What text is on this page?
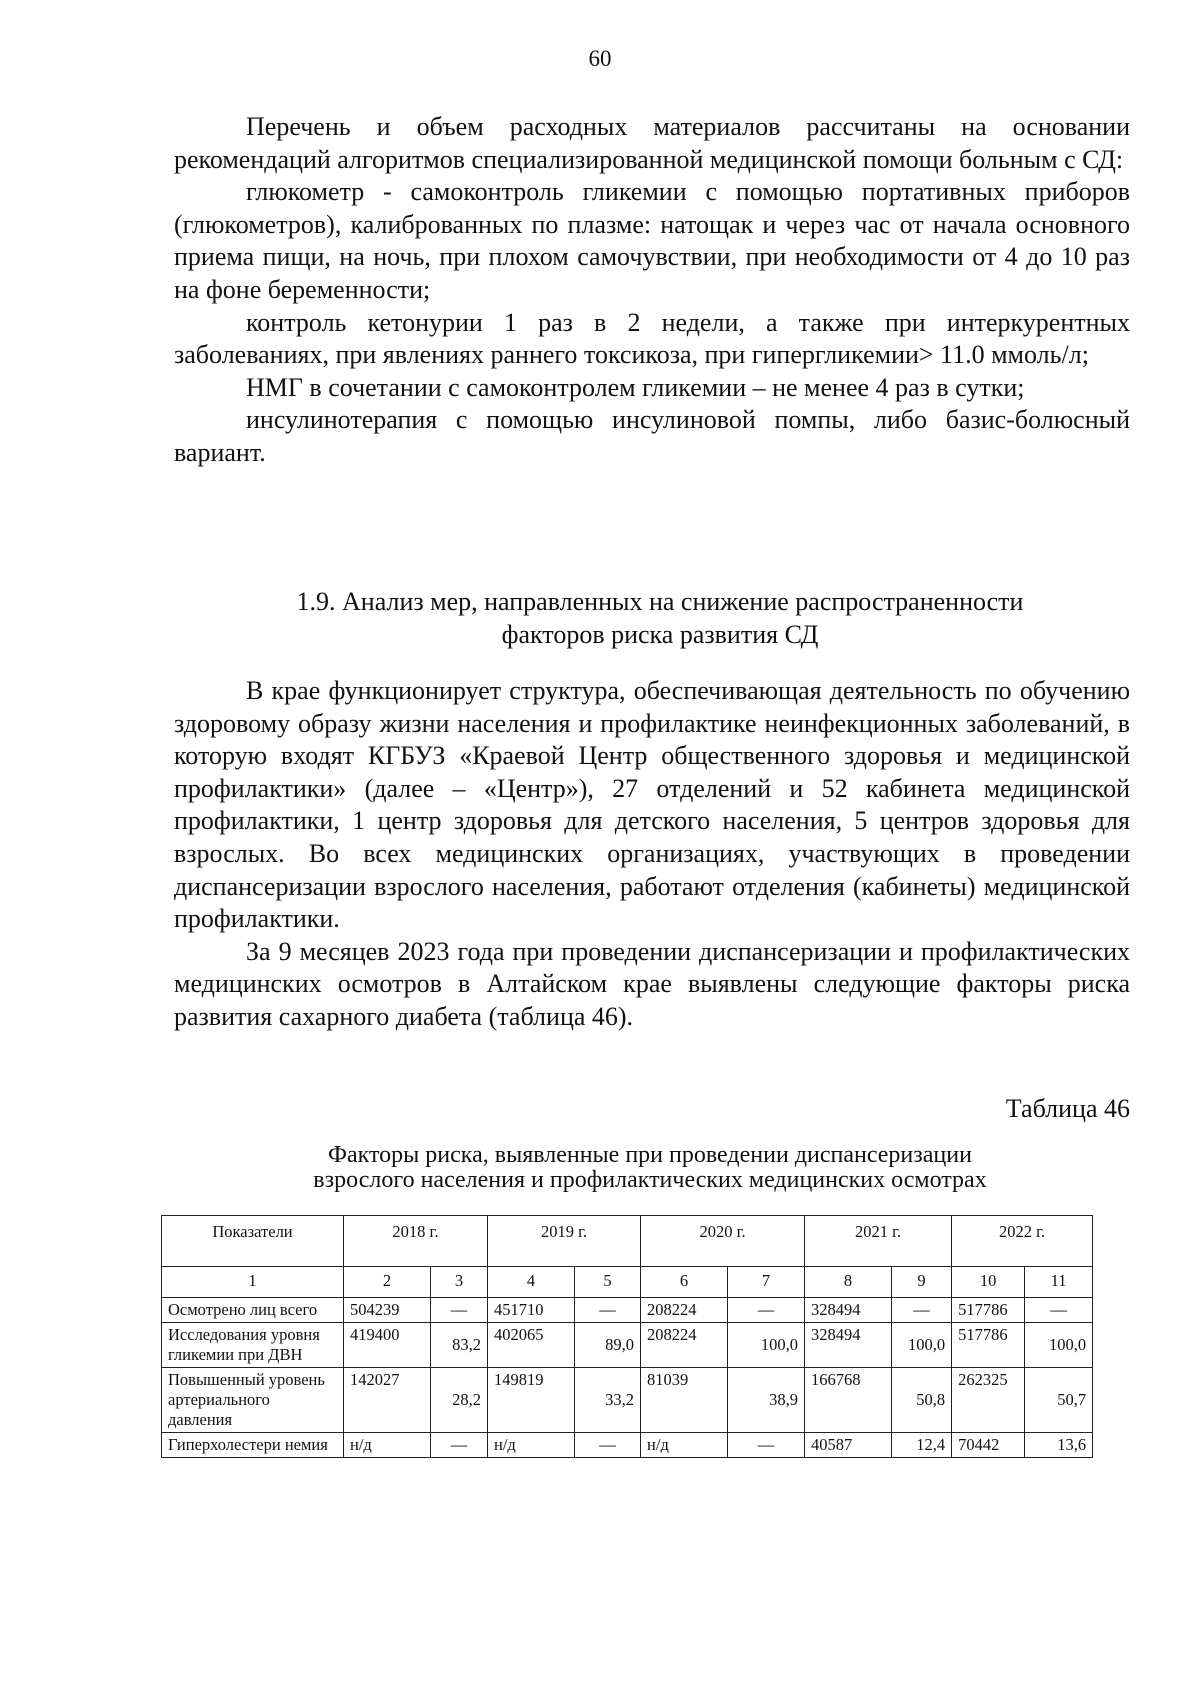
60

Перечень и объем расходных материалов рассчитаны на основании рекомендаций алгоритмов специализированной медицинской помощи больным с СД:

глюкометр - самоконтроль гликемии с помощью портативных приборов (глюкометров), калиброванных по плазме: натощак и через час от начала основного приема пищи, на ночь, при плохом самочувствии, при необходимости от 4 до 10 раз на фоне беременности;

контроль кетонурии 1 раз в 2 недели, а также при интеркурентных заболеваниях, при явлениях раннего токсикоза, при гипергликемии> 11.0 ммоль/л;

НМГ в сочетании с самоконтролем гликемии – не менее 4 раз в сутки;

инсулинотерапия с помощью инсулиновой помпы, либо базис-болюсный вариант.

1.9. Анализ мер, направленных на снижение распространенности
факторов риска развития СД

В крае функционирует структура, обеспечивающая деятельность по обучению здоровому образу жизни населения и профилактике неинфекционных заболеваний, в которую входят КГБУЗ «Краевой Центр общественного здоровья и медицинской профилактики» (далее – «Центр»), 27 отделений и 52 кабинета медицинской профилактики, 1 центр здоровья для детского населения, 5 центров здоровья для взрослых. Во всех медицинских организациях, участвующих в проведении диспансеризации взрослого населения, работают отделения (кабинеты) медицинской профилактики.

За 9 месяцев 2023 года при проведении диспансеризации и профилактических медицинских осмотров в Алтайском крае выявлены следующие факторы риска развития сахарного диабета (таблица 46).

Таблица 46
Факторы риска, выявленные при проведении диспансеризации
взрослого населения и профилактических медицинских осмотрах
Показатели	2018 г.		2019 г.		2020 г.		2021 г.		2022 г.	
1	2	3	4	5	6	7	8	9	10	11
Осмотрено лиц всего	504239	—	451710	—	208224	—	328494	—	517786	—
Исследования уровня гликемии при ДВН	419400	83,2	402065	89,0	208224	100,0	328494	100,0	517786	100,0
Повышенный уровень артериального давления	142027	28,2	149819	33,2	81039	38,9	166768	50,8	262325	50,7
Гиперхолестери немия	н/д	—	н/д	—	н/д	—	40587	12,4	70442	13,6
